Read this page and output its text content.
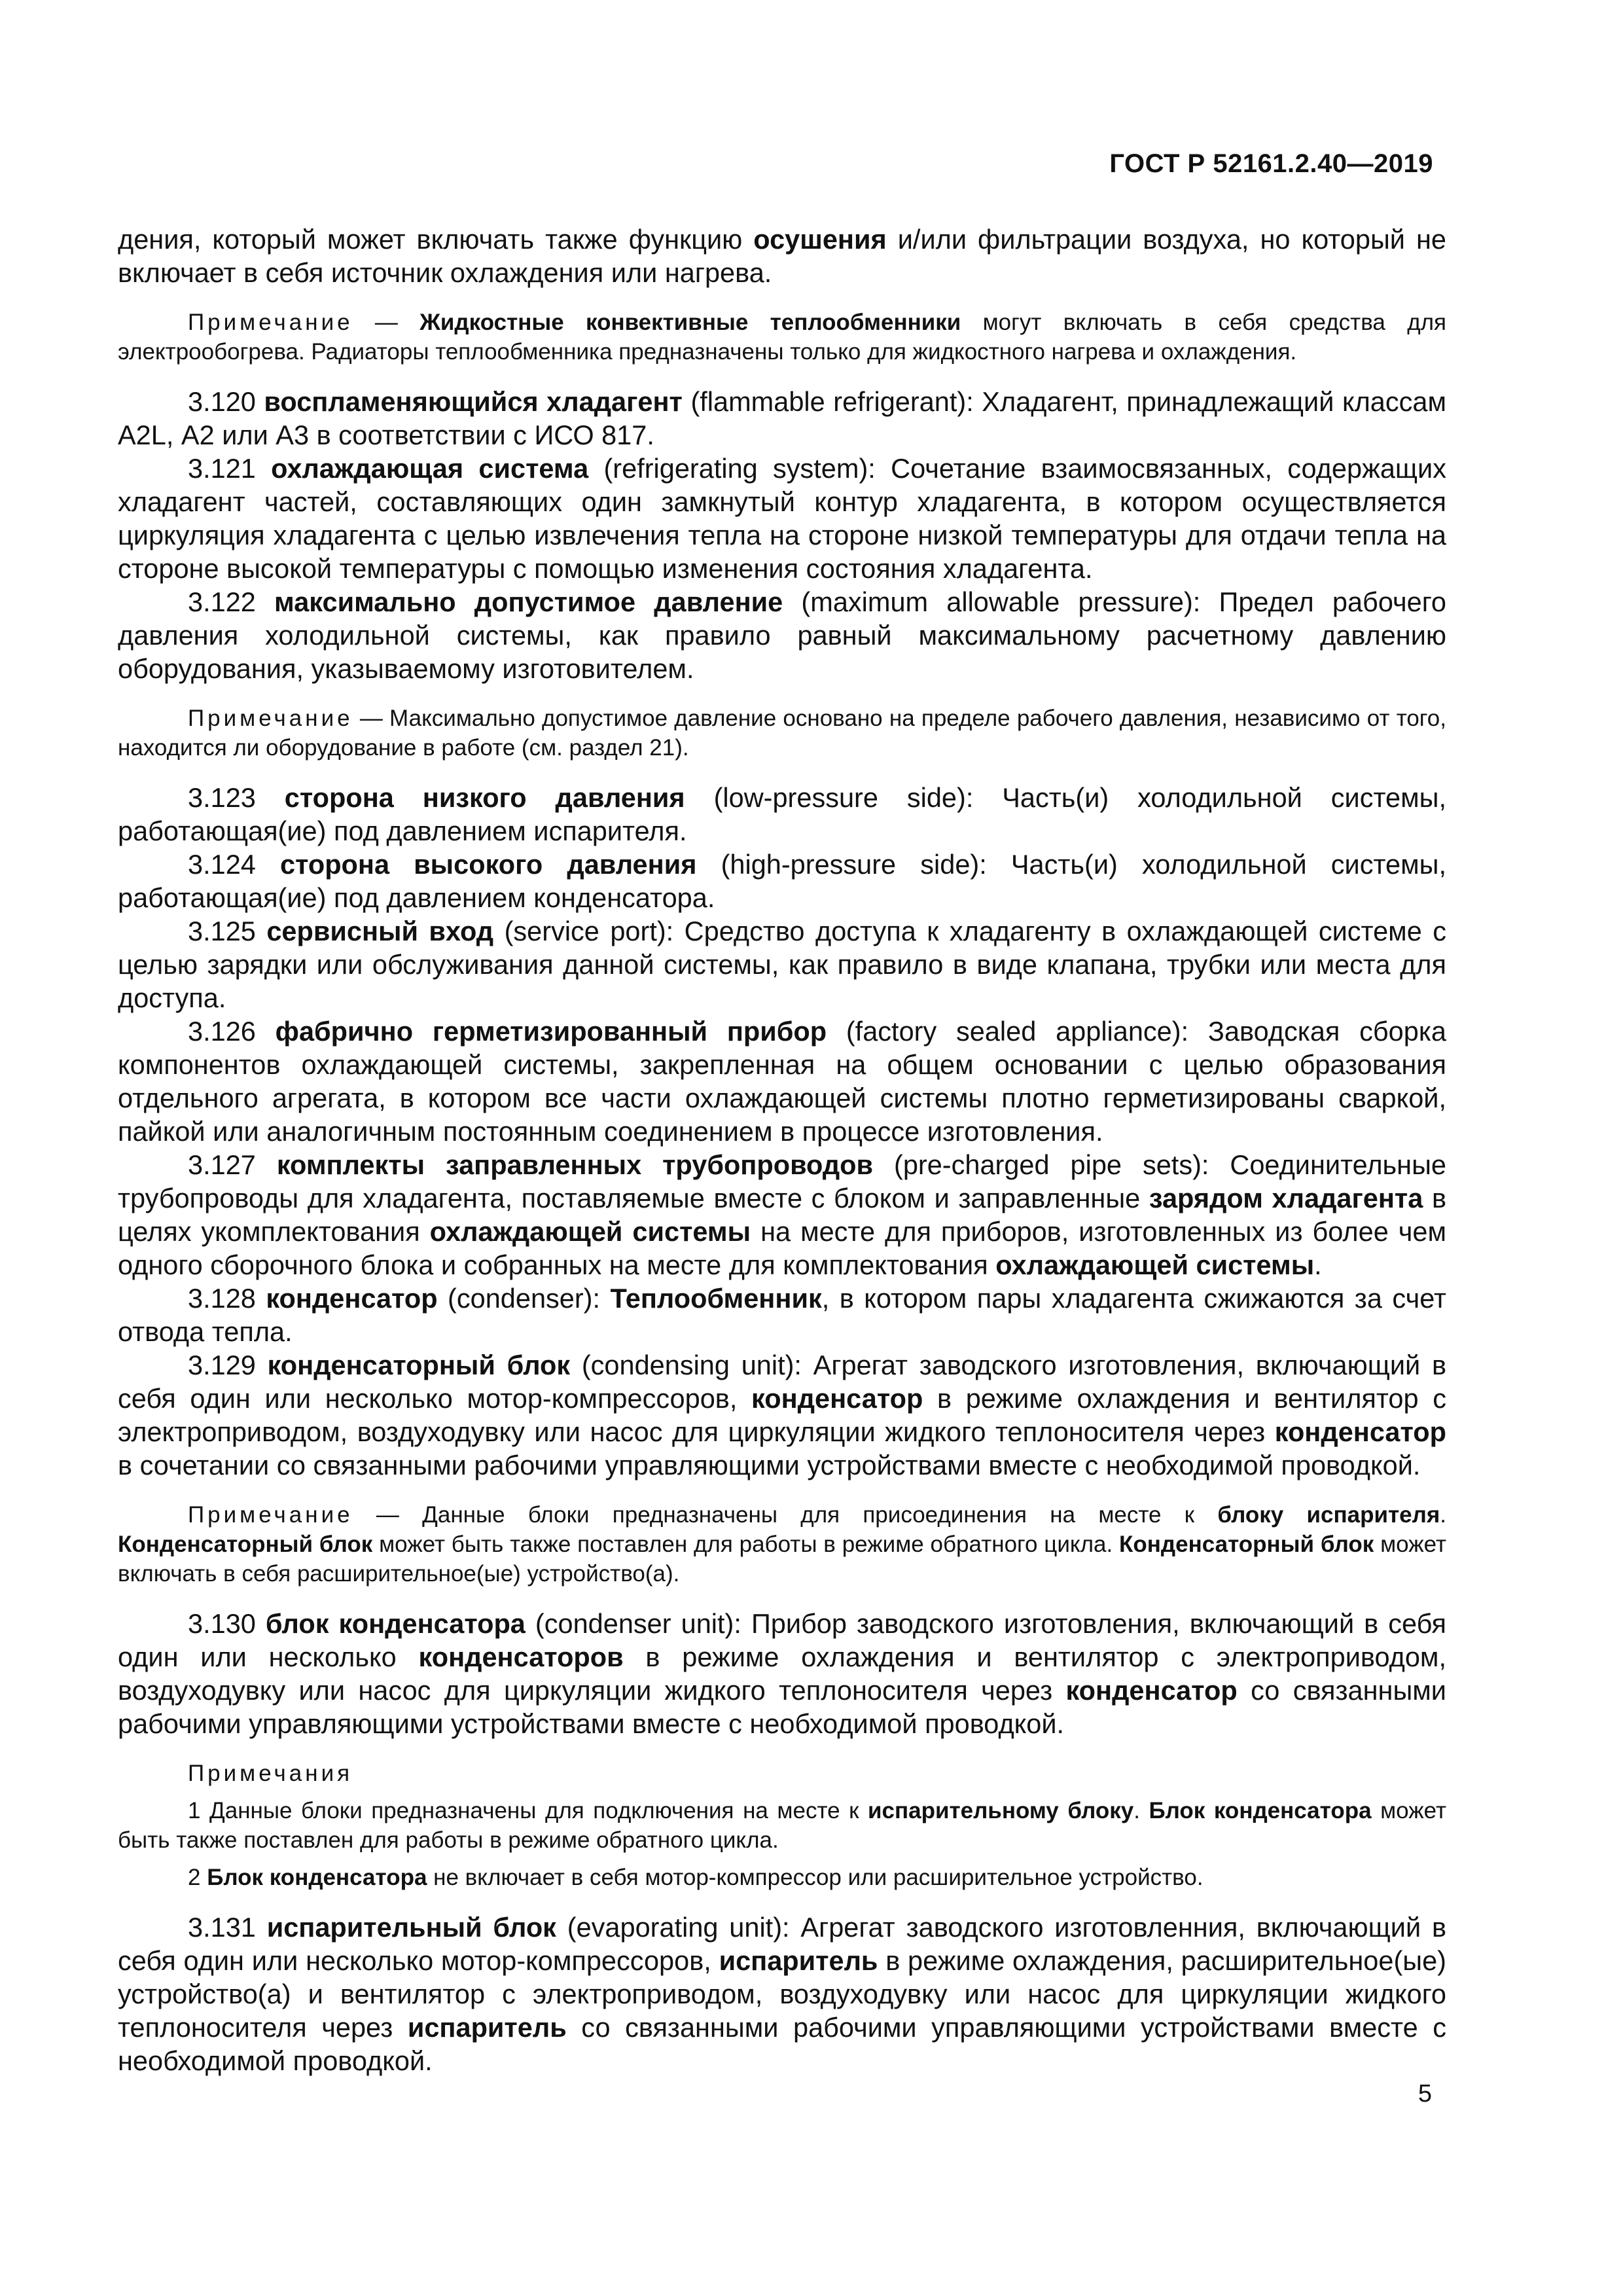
ГОСТ Р 52161.2.40—2019

дения, который может включать также функцию осушения и/или фильтрации воздуха, но который не включает в себя источник охлаждения или нагрева.

Примечание — Жидкостные конвективные теплообменники могут включать в себя средства для электрообогрева. Радиаторы теплообменника предназначены только для жидкостного нагрева и охлаждения.

3.120 воспламеняющийся хладагент (flammable refrigerant): Хладагент, принадлежащий классам A2L, А2 или A3 в соответствии с ИСО 817.

3.121 охлаждающая система (refrigerating system): Сочетание взаимосвязанных, содержащих хладагент частей, составляющих один замкнутый контур хладагента, в котором осуществляется циркуляция хладагента с целью извлечения тепла на стороне низкой температуры для отдачи тепла на стороне высокой температуры с помощью изменения состояния хладагента.

3.122 максимально допустимое давление (maximum allowable pressure): Предел рабочего давления холодильной системы, как правило равный максимальному расчетному давлению оборудования, указываемому изготовителем.

Примечание — Максимально допустимое давление основано на пределе рабочего давления, независимо от того, находится ли оборудование в работе (см. раздел 21).

3.123 сторона низкого давления (low-pressure side): Часть(и) холодильной системы, работающая(ие) под давлением испарителя.

3.124 сторона высокого давления (high-pressure side): Часть(и) холодильной системы, работающая(ие) под давлением конденсатора.

3.125 сервисный вход (service port): Средство доступа к хладагенту в охлаждающей системе с целью зарядки или обслуживания данной системы, как правило в виде клапана, трубки или места для доступа.

3.126 фабрично герметизированный прибор (factory sealed appliance): Заводская сборка компонентов охлаждающей системы, закрепленная на общем основании с целью образования отдельного агрегата, в котором все части охлаждающей системы плотно герметизированы сваркой, пайкой или аналогичным постоянным соединением в процессе изготовления.

3.127 комплекты заправленных трубопроводов (pre-charged pipe sets): Соединительные трубопроводы для хладагента, поставляемые вместе с блоком и заправленные зарядом хладагента в целях укомплектования охлаждающей системы на месте для приборов, изготовленных из более чем одного сборочного блока и собранных на месте для комплектования охлаждающей системы.

3.128 конденсатор (condenser): Теплообменник, в котором пары хладагента сжижаются за счет отвода тепла.

3.129 конденсаторный блок (condensing unit): Агрегат заводского изготовления, включающий в себя один или несколько мотор-компрессоров, конденсатор в режиме охлаждения и вентилятор с электроприводом, воздуходувку или насос для циркуляции жидкого теплоносителя через конденсатор в сочетании со связанными рабочими управляющими устройствами вместе с необходимой проводкой.

Примечание — Данные блоки предназначены для присоединения на месте к блоку испарителя. Конденсаторный блок может быть также поставлен для работы в режиме обратного цикла. Конденсаторный блок может включать в себя расширительное(ые) устройство(а).

3.130 блок конденсатора (condenser unit): Прибор заводского изготовления, включающий в себя один или несколько конденсаторов в режиме охлаждения и вентилятор с электроприводом, воздуходувку или насос для циркуляции жидкого теплоносителя через конденсатор со связанными рабочими управляющими устройствами вместе с необходимой проводкой.

Примечания

1 Данные блоки предназначены для подключения на месте к испарительному блоку. Блок конденсатора может быть также поставлен для работы в режиме обратного цикла.

2 Блок конденсатора не включает в себя мотор-компрессор или расширительное устройство.

3.131 испарительный блок (evaporating unit): Агрегат заводского изготовленния, включающий в себя один или несколько мотор-компрессоров, испаритель в режиме охлаждения, расширительное(ые) устройство(а) и вентилятор с электроприводом, воздуходувку или насос для циркуляции жидкого теплоносителя через испаритель со связанными рабочими управляющими устройствами вместе с необходимой проводкой.

5
